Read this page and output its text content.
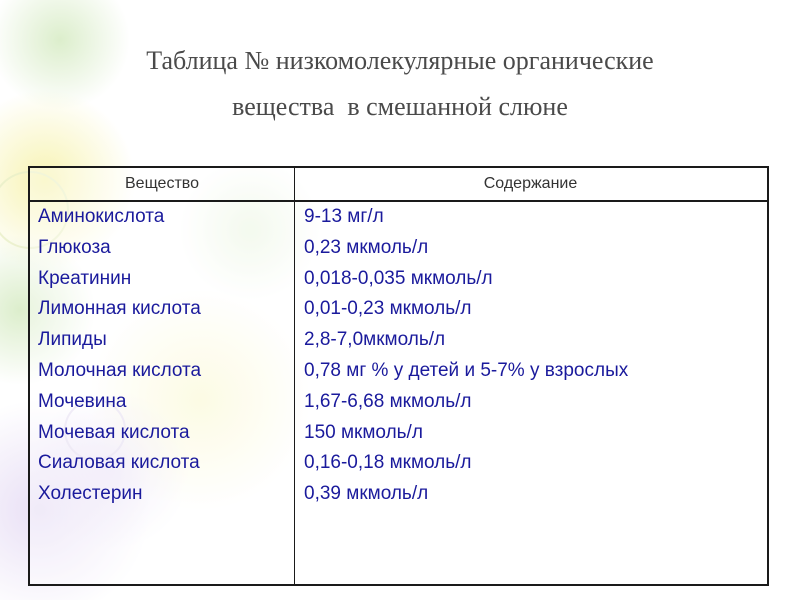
Таблица № низкомолекулярные органические
вещества  в смешанной слюне
Вещество	Содержание
Аминокислота
Глюкоза
Креатинин
Лимонная кислота
Липиды
Молочная кислота
Мочевина
Мочевая кислота
Сиаловая кислота
Холестерин
9-13 мг/л
0,23 мкмоль/л
0,018-0,035 мкмоль/л
0,01-0,23 мкмоль/л
2,8-7,0мкмоль/л
0,78 мг % у детей и 5-7% у взрослых
1,67-6,68 мкмоль/л
150 мкмоль/л
0,16-0,18 мкмоль/л
0,39 мкмоль/л
